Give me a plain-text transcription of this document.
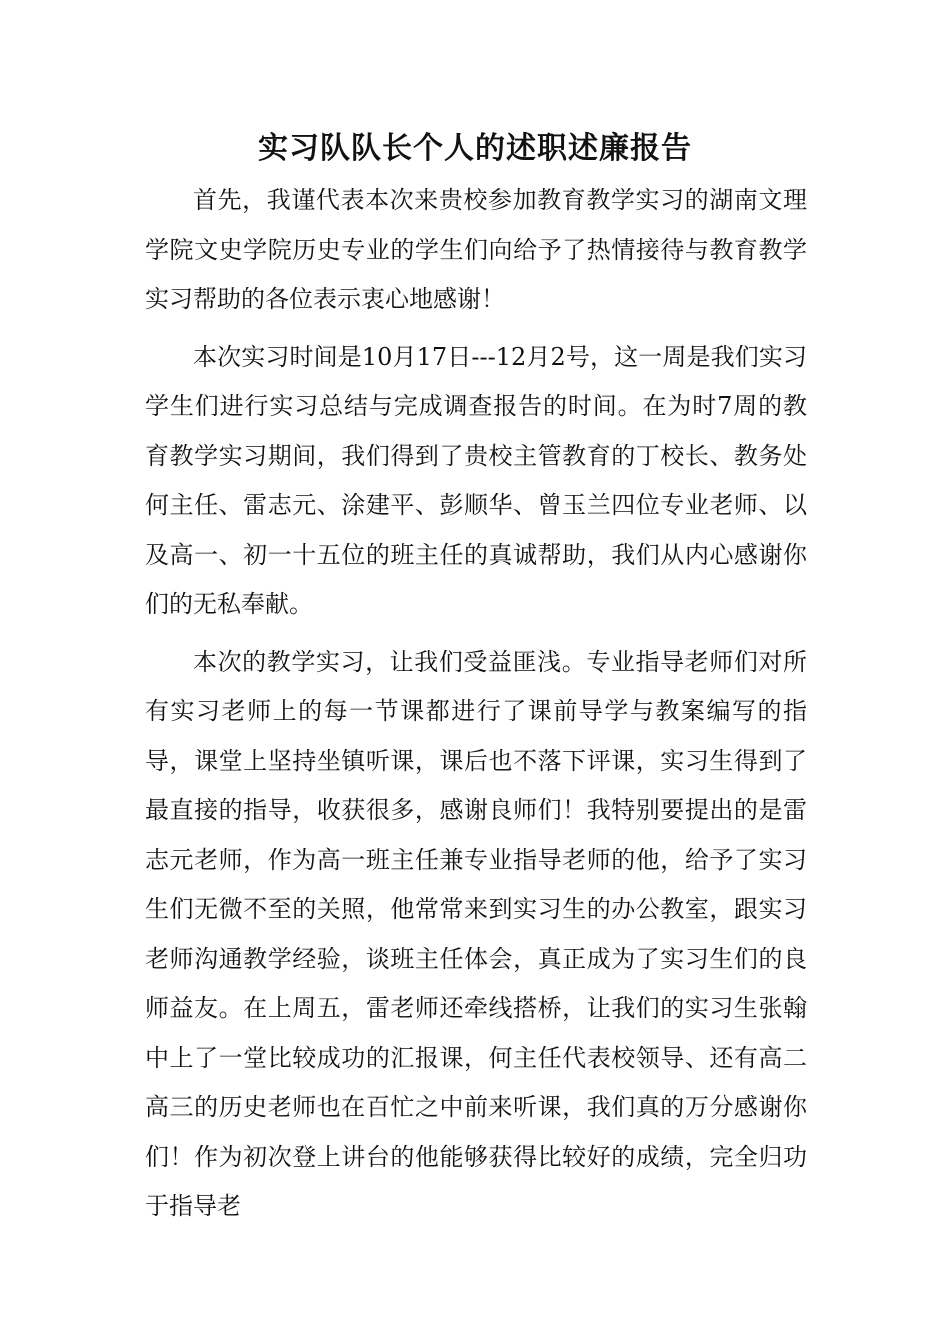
实习队队长个人的述职述廉报告

首先，我谨代表本次来贵校参加教育教学实习的湖南文理学院文史学院历史专业的学生们向给予了热情接待与教育教学实习帮助的各位表示衷心地感谢！

本次实习时间是10月17日---12月2号，这一周是我们实习学生们进行实习总结与完成调查报告的时间。在为时7周的教育教学实习期间，我们得到了贵校主管教育的丁校长、教务处何主任、雷志元、涂建平、彭顺华、曾玉兰四位专业老师、以及高一、初一十五位的班主任的真诚帮助，我们从内心感谢你们的无私奉献。

本次的教学实习，让我们受益匪浅。专业指导老师们对所有实习老师上的每一节课都进行了课前导学与教案编写的指导，课堂上坚持坐镇听课，课后也不落下评课，实习生得到了最直接的指导，收获很多，感谢良师们！我特别要提出的是雷志元老师，作为高一班主任兼专业指导老师的他，给予了实习生们无微不至的关照，他常常来到实习生的办公教室，跟实习老师沟通教学经验，谈班主任体会，真正成为了实习生们的良师益友。在上周五，雷老师还牵线搭桥，让我们的实习生张翰中上了一堂比较成功的汇报课，何主任代表校领导、还有高二高三的历史老师也在百忙之中前来听课，我们真的万分感谢你们！作为初次登上讲台的他能够获得比较好的成绩，完全归功于指导老
